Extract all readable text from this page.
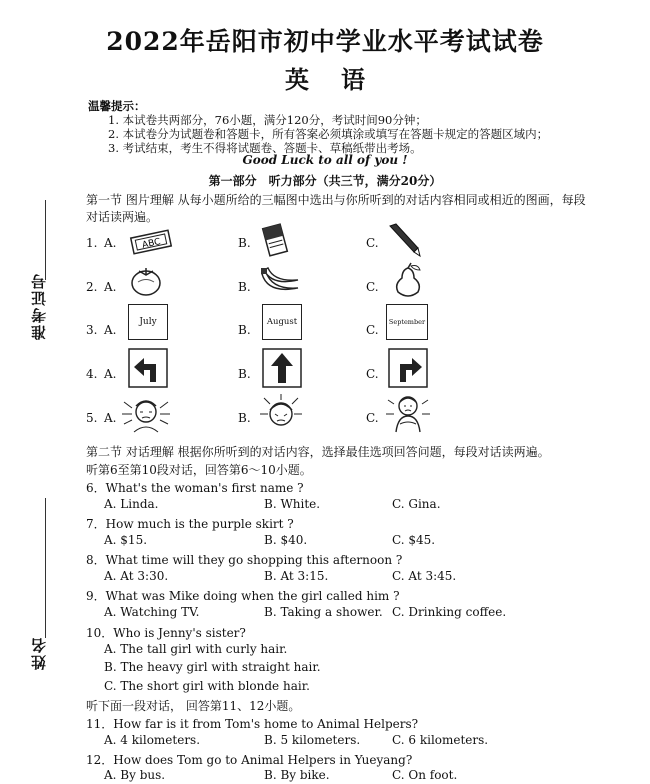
准考证号
姓名
2022年岳阳市初中学业水平考试试卷
英 语
温馨提示：
1. 本试卷共两部分，76小题，满分120分，考试时间90分钟；
2. 本试卷分为试题卷和答题卡，所有答案必须填涂或填写在答题卡规定的答题区域内；
3. 考试结束，考生不得将试题卷、答题卡、草稿纸带出考场。
Good Luck to all of you !
第一部分　听力部分（共三节，满分20分）
第一节 图片理解 从每小题所给的三幅图中选出与你所听到的对话内容相同或相近的图画，每段
对话读两遍。
1. A.	ABC	B.	C.
2. A.	B.	C.
3. A.
July
B.
August
C.
September
4. A.	B.	C.
5. A.	B.	C.
第二节 对话理解 根据你所听到的对话内容，选择最佳选项回答问题，每段对话读两遍。
听第6至第10段对话，回答第6～10小题。
6．What's the woman's first name ?
A. Linda.	B. White.	C. Gina.
7．How much is the purple skirt ?
A. $15.	B. $40.	C. $45.
8．What time will they go shopping this afternoon ?
A. At 3:30.	B. At 3:15.	C. At 3:45.
9．What was Mike doing when the girl called him ?
A. Watching TV.	B. Taking a shower. C. Drinking coffee.
10．Who is Jenny's sister?
A. The tall girl with curly hair.
B. The heavy girl with straight hair.
C. The short girl with blonde hair.
听下面一段对话， 回答第11、12小题。
11．How far is it from Tom's home to Animal Helpers?
A. 4 kilometers.	B. 5 kilometers.	C. 6 kilometers.
12．How does Tom go to Animal Helpers in Yueyang?
A. By bus.	B. By bike.	C. On foot.
